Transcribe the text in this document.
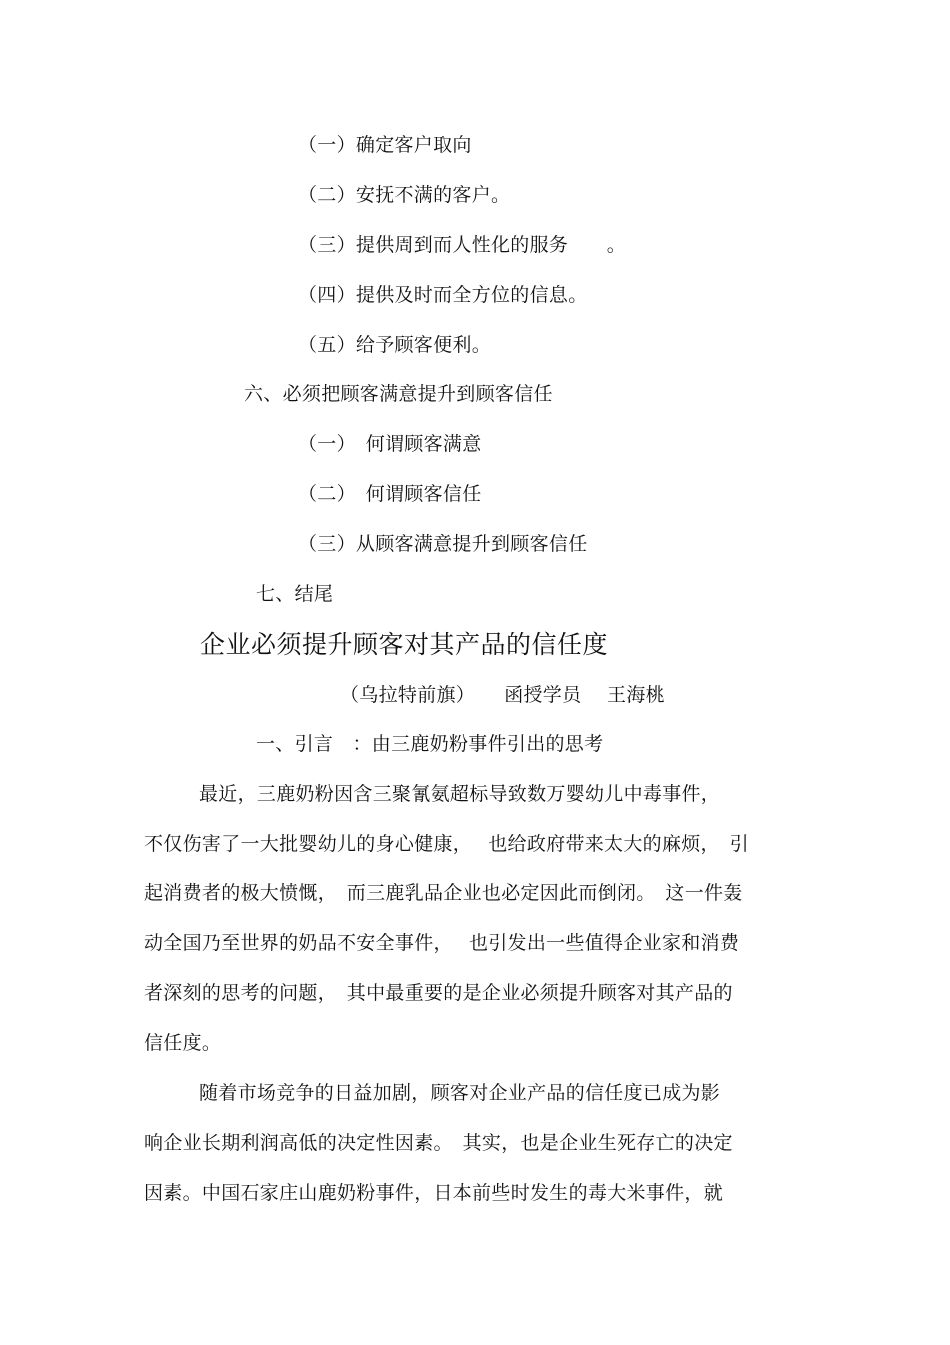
（一）确定客户取向
（二）安抚不满的客户。
（三）提供周到而人性化的服务　　。
（四）提供及时而全方位的信息。
（五）给予顾客便利。
六、必须把顾客满意提升到顾客信任
（一）　何谓顾客满意
（二）　何谓顾客信任
（三）从顾客满意提升到顾客信任
七、结尾
企业必须提升顾客对其产品的信任度
（乌拉特前旗）　　函授学员　 王海桃
一、引言　：由三鹿奶粉事件引出的思考
最近，三鹿奶粉因含三聚氰氨超标导致数万婴幼儿中毒事件，
不仅伤害了一大批婴幼儿的身心健康，　 也给政府带来太大的麻烦，　引
起消费者的极大愤慨，　而三鹿乳品企业也必定因此而倒闭。　这一件轰
动全国乃至世界的奶品不安全事件，　 也引发出一些值得企业家和消费
者深刻的思考的问题，　其中最重要的是企业必须提升顾客对其产品的
信任度。
随着市场竞争的日益加剧，顾客对企业产品的信任度已成为影
响企业长期利润高低的决定性因素。　其实，也是企业生死存亡的决定
因素。中国石家庄山鹿奶粉事件，日本前些时发生的毒大米事件，就
